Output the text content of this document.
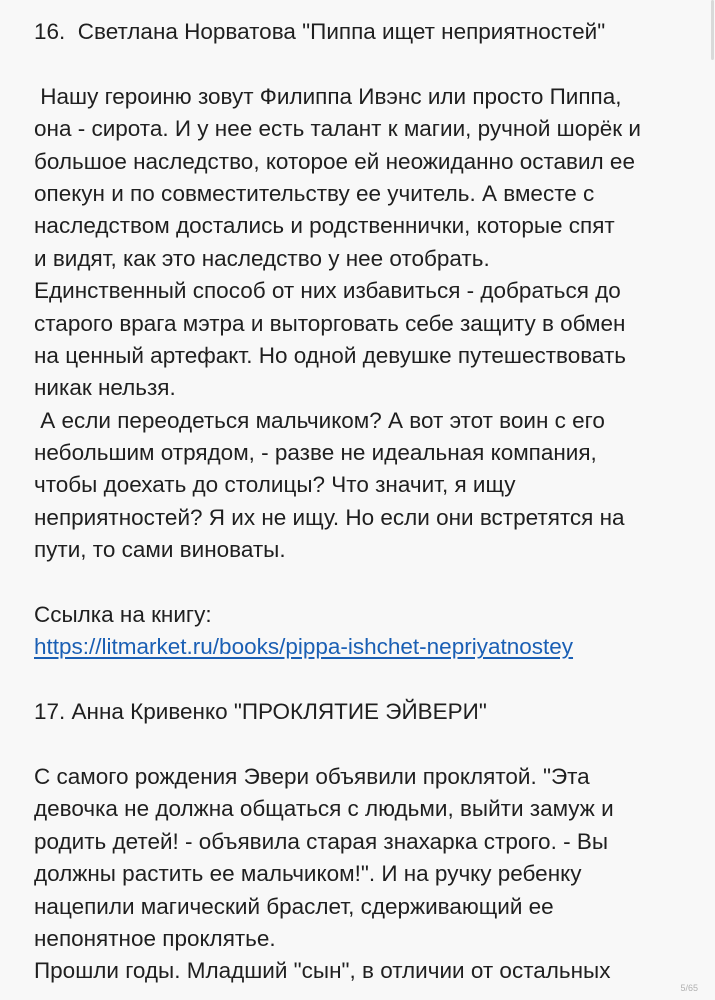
16.  Светлана Норватова "Пиппа ищет неприятностей"

Нашу героиню зовут Филиппа Ивэнс или просто Пиппа,

она - сирота. И у нее есть талант к магии, ручной шорёк и

большое наследство, которое ей неожиданно оставил ее

опекун и по совместительству ее учитель. А вместе с

наследством достались и родственнички, которые спят

и видят, как это наследство у нее отобрать.

Единственный способ от них избавиться - добраться до

старого врага мэтра и выторговать себе защиту в обмен

на ценный артефакт. Но одной девушке путешествовать

никак нельзя.

А если переодеться мальчиком? А вот этот воин с его

небольшим отрядом, - разве не идеальная компания,

чтобы доехать до столицы? Что значит, я ищу

неприятностей? Я их не ищу. Но если они встретятся на

пути, то сами виноваты.

Ссылка на книгу:

https://litmarket.ru/books/pippa-ishchet-nepriyatnostey

17. Анна Кривенко "ПРОКЛЯТИЕ ЭЙВЕРИ"

С самого рождения Эвери объявили проклятой. "Эта

девочка не должна общаться с людьми, выйти замуж и

родить детей! - объявила старая знахарка строго. - Вы

должны растить ее мальчиком!". И на ручку ребенку

нацепили магический браслет, сдерживающий ее

непонятное проклятье.

Прошли годы. Младший "сын", в отличии от остальных

5/65
